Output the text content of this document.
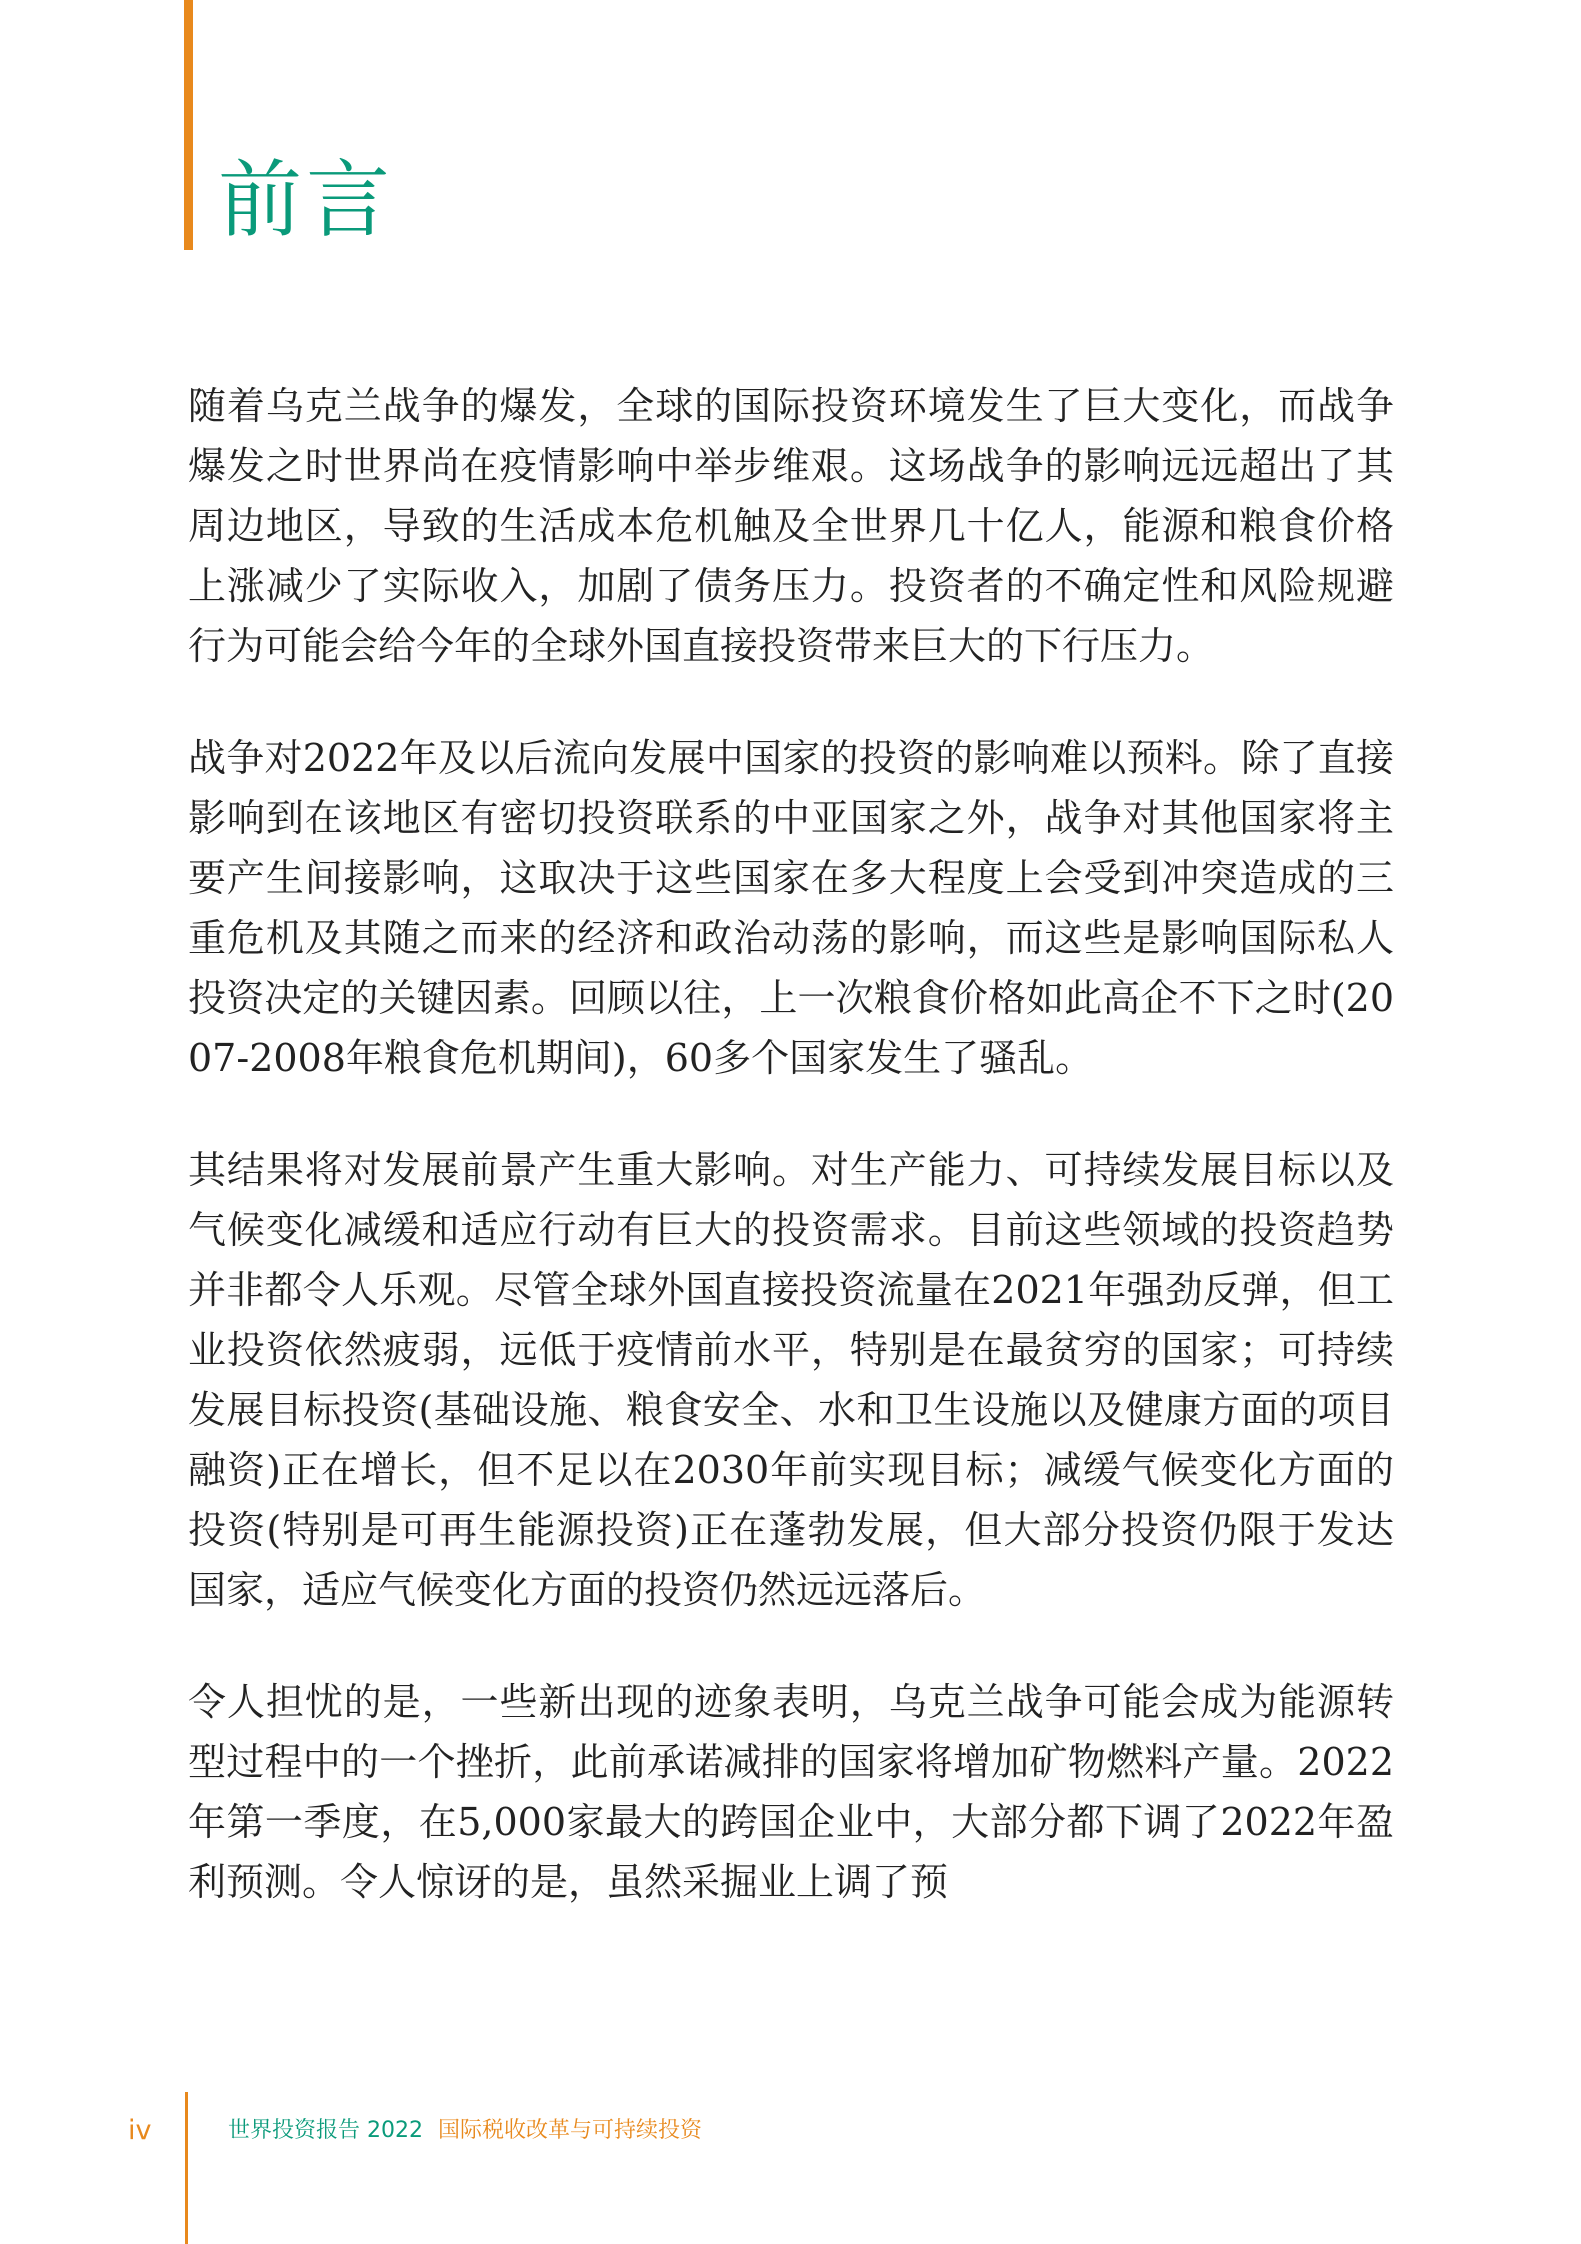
前言

随着乌克兰战争的爆发，全球的国际投资环境发生了巨大变化，而战争爆发之时世界尚在疫情影响中举步维艰。这场战争的影响远远超出了其周边地区，导致的生活成本危机触及全世界几十亿人，能源和粮食价格上涨减少了实际收入，加剧了债务压力。投资者的不确定性和风险规避行为可能会给今年的全球外国直接投资带来巨大的下行压力。

战争对2022年及以后流向发展中国家的投资的影响难以预料。除了直接影响到在该地区有密切投资联系的中亚国家之外，战争对其他国家将主要产生间接影响，这取决于这些国家在多大程度上会受到冲突造成的三重危机及其随之而来的经济和政治动荡的影响，而这些是影响国际私人投资决定的关键因素。回顾以往，上一次粮食价格如此高企不下之时(2007-2008年粮食危机期间)，60多个国家发生了骚乱。

其结果将对发展前景产生重大影响。对生产能力、可持续发展目标以及气候变化减缓和适应行动有巨大的投资需求。目前这些领域的投资趋势并非都令人乐观。尽管全球外国直接投资流量在2021年强劲反弹，但工业投资依然疲弱，远低于疫情前水平，特别是在最贫穷的国家；可持续发展目标投资(基础设施、粮食安全、水和卫生设施以及健康方面的项目融资)正在增长，但不足以在2030年前实现目标；减缓气候变化方面的投资(特别是可再生能源投资)正在蓬勃发展，但大部分投资仍限于发达国家，适应气候变化方面的投资仍然远远落后。

令人担忧的是，一些新出现的迹象表明，乌克兰战争可能会成为能源转型过程中的一个挫折，此前承诺减排的国家将增加矿物燃料产量。2022年第一季度，在5,000家最大的跨国企业中，大部分都下调了2022年盈利预测。令人惊讶的是，虽然采掘业上调了预

iv	世界投资报告 2022 国际税收改革与可持续投资
